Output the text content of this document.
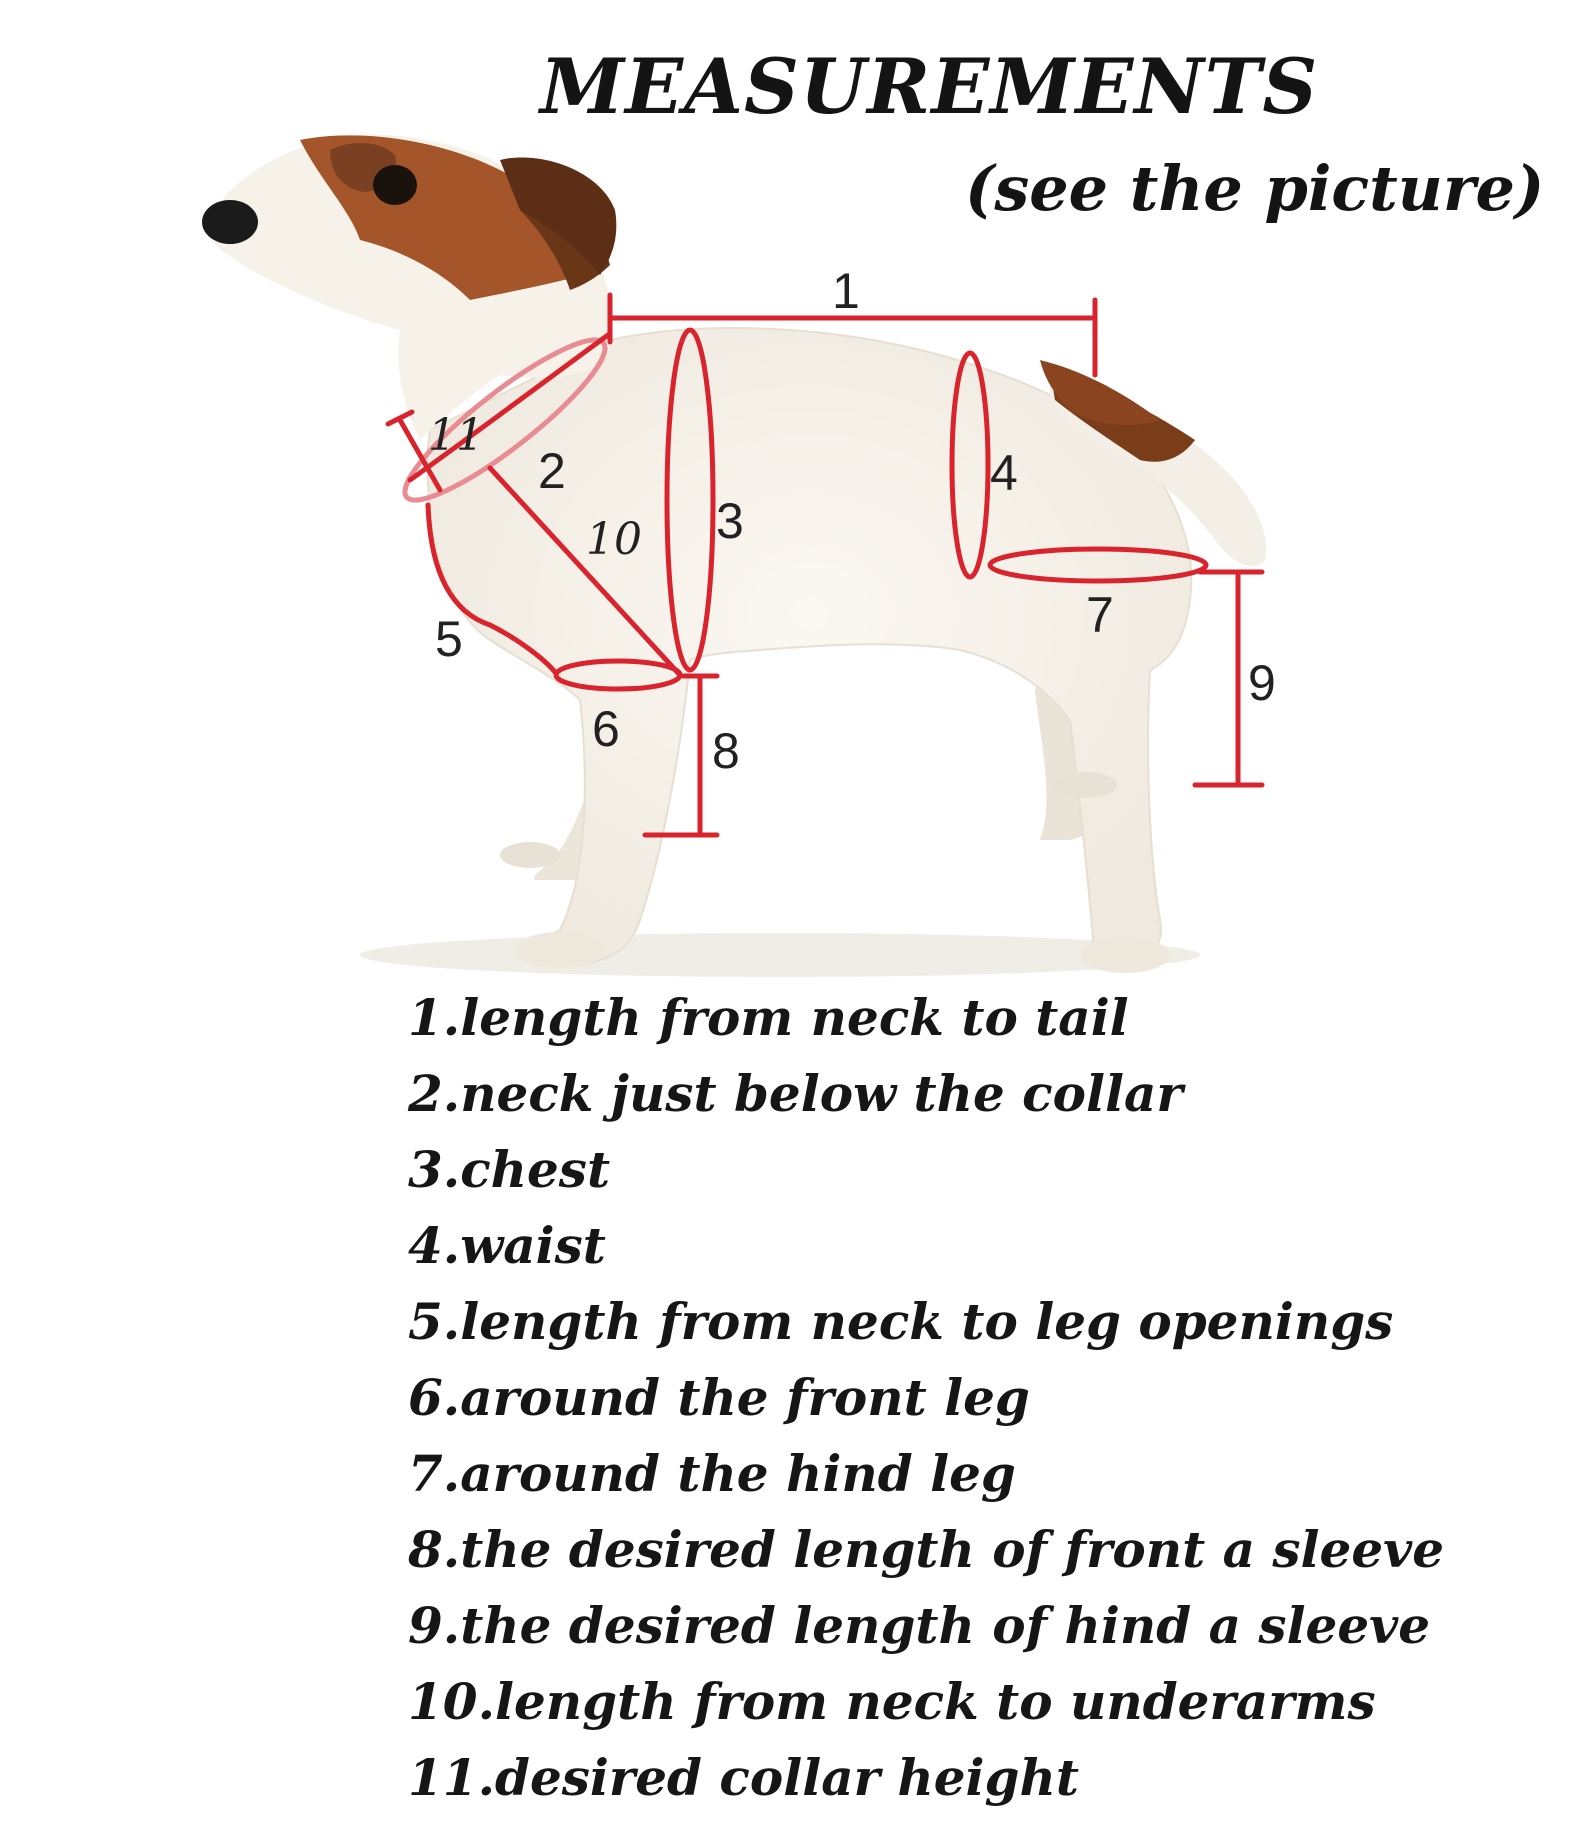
MEASUREMENTS
(see the picture)
1
2
3
4
5
6
7
8
9
10
11
1.length from neck to tail
2.neck just below the collar
3.chest
4.waist
5.length from neck to leg openings
6.around the front leg
7.around the hind leg
8.the desired length of front a sleeve
9.the desired length of hind a sleeve
10.length from neck to underarms
11.desired collar height
